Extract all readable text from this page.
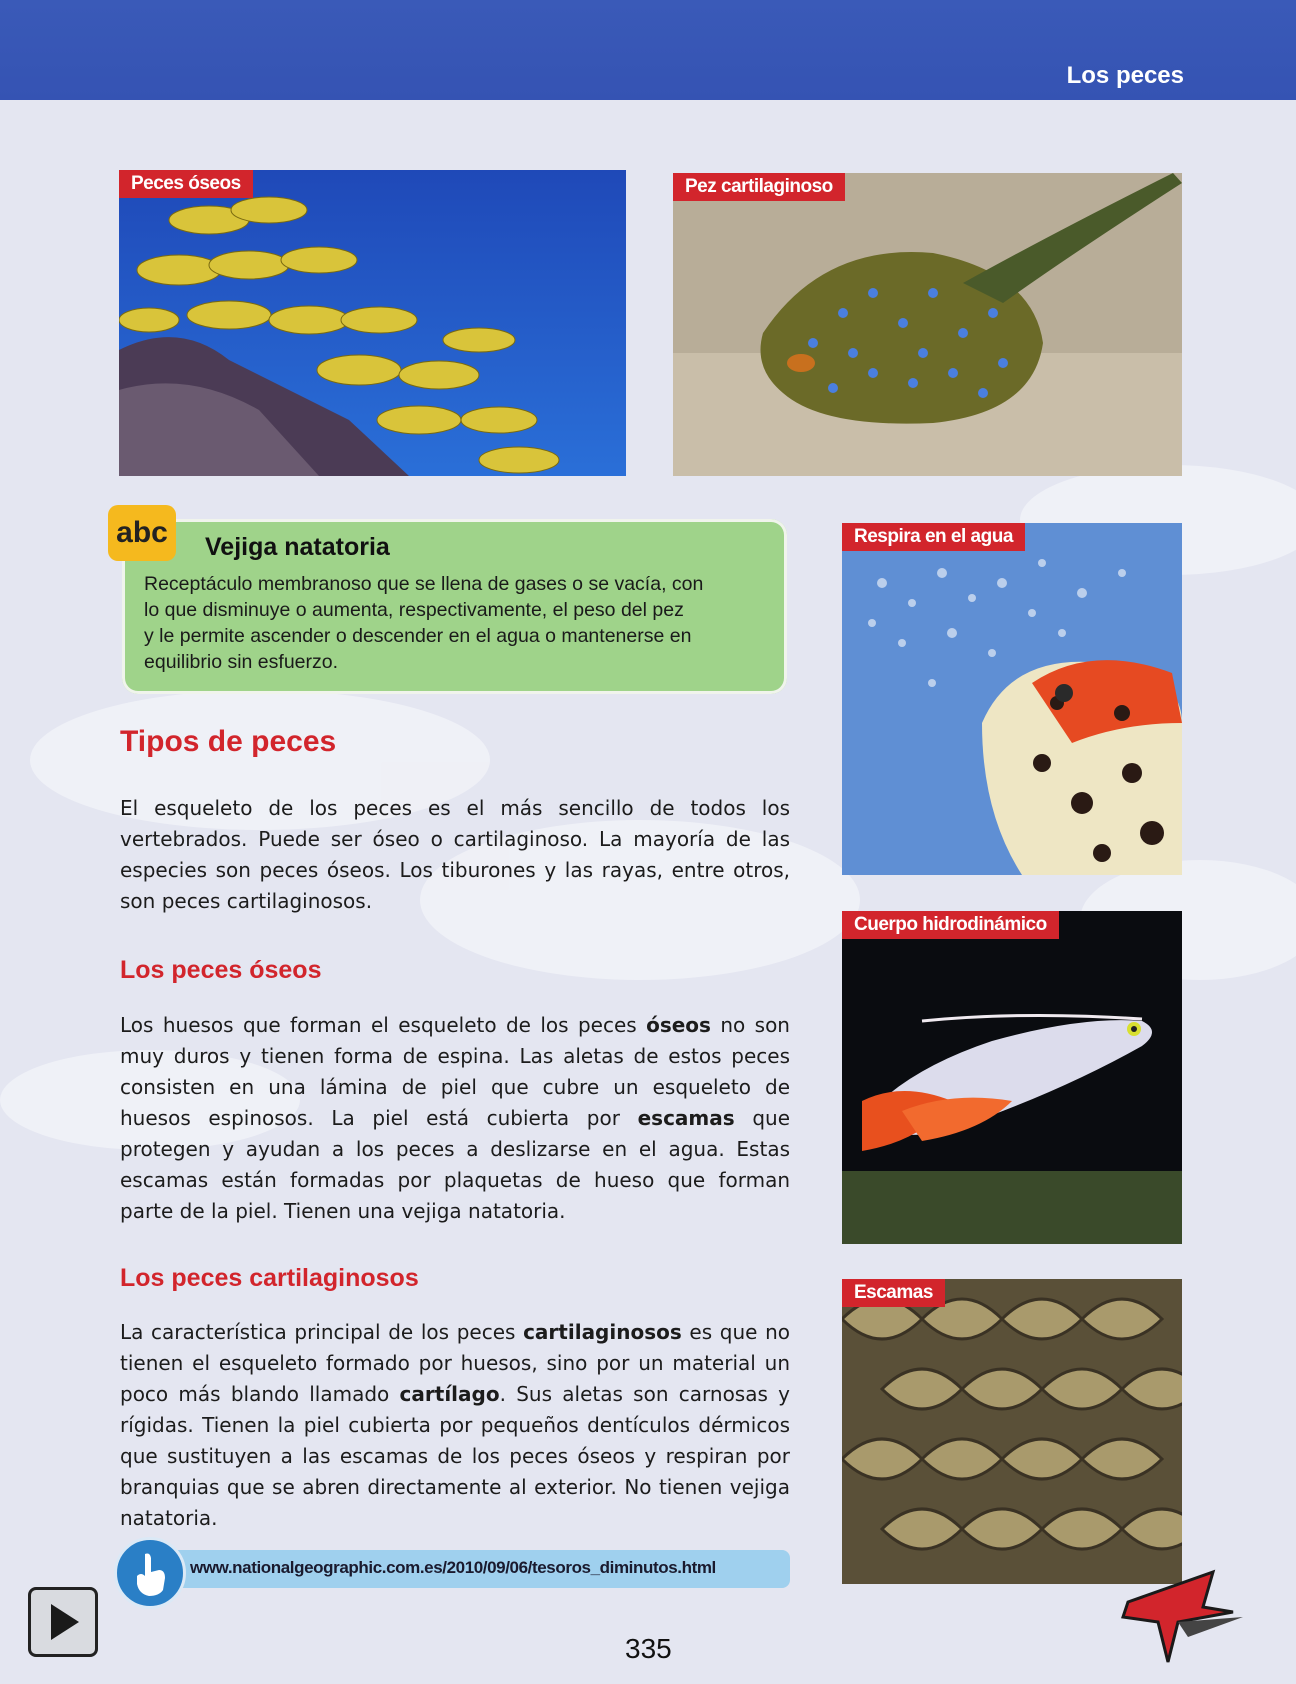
Los peces
Peces óseos	Pez cartilaginoso
Respira en el agua
Cuerpo hidrodinámico
Escamas
abc	Vejiga natatoria
Receptáculo membranoso que se llena de gases o se vacía, con
lo que disminuye o aumenta, respectivamente, el peso del pez
y le permite ascender o descender en el agua o mantenerse en
equilibrio sin esfuerzo.
Tipos de peces
El esqueleto de los peces es el más sencillo de todos los vertebrados. Puede ser óseo o cartilaginoso. La mayoría de las especies son peces óseos. Los tiburones y las rayas, entre otros, son peces cartilaginosos.
Los peces óseos
Los huesos que forman el esqueleto de los peces óseos no son muy duros y tienen forma de espina. Las aletas de estos peces consisten en una lámina de piel que cubre un esqueleto de huesos espinosos. La piel está cubierta por escamas que protegen y ayudan a los peces a deslizarse en el agua. Estas escamas están formadas por plaquetas de hueso que forman parte de la piel. Tienen una vejiga natatoria.
Los peces cartilaginosos
La característica principal de los peces cartilaginosos es que no tienen el esqueleto formado por huesos, sino por un material un poco más blando llamado cartílago. Sus aletas son carnosas y rígidas. Tienen la piel cubierta por pequeños dentículos dérmicos que sustituyen a las escamas de los peces óseos y respiran por branquias que se abren directamente al exterior. No tienen vejiga natatoria.
www.nationalgeographic.com.es/2010/09/06/tesoros_diminutos.html
335
